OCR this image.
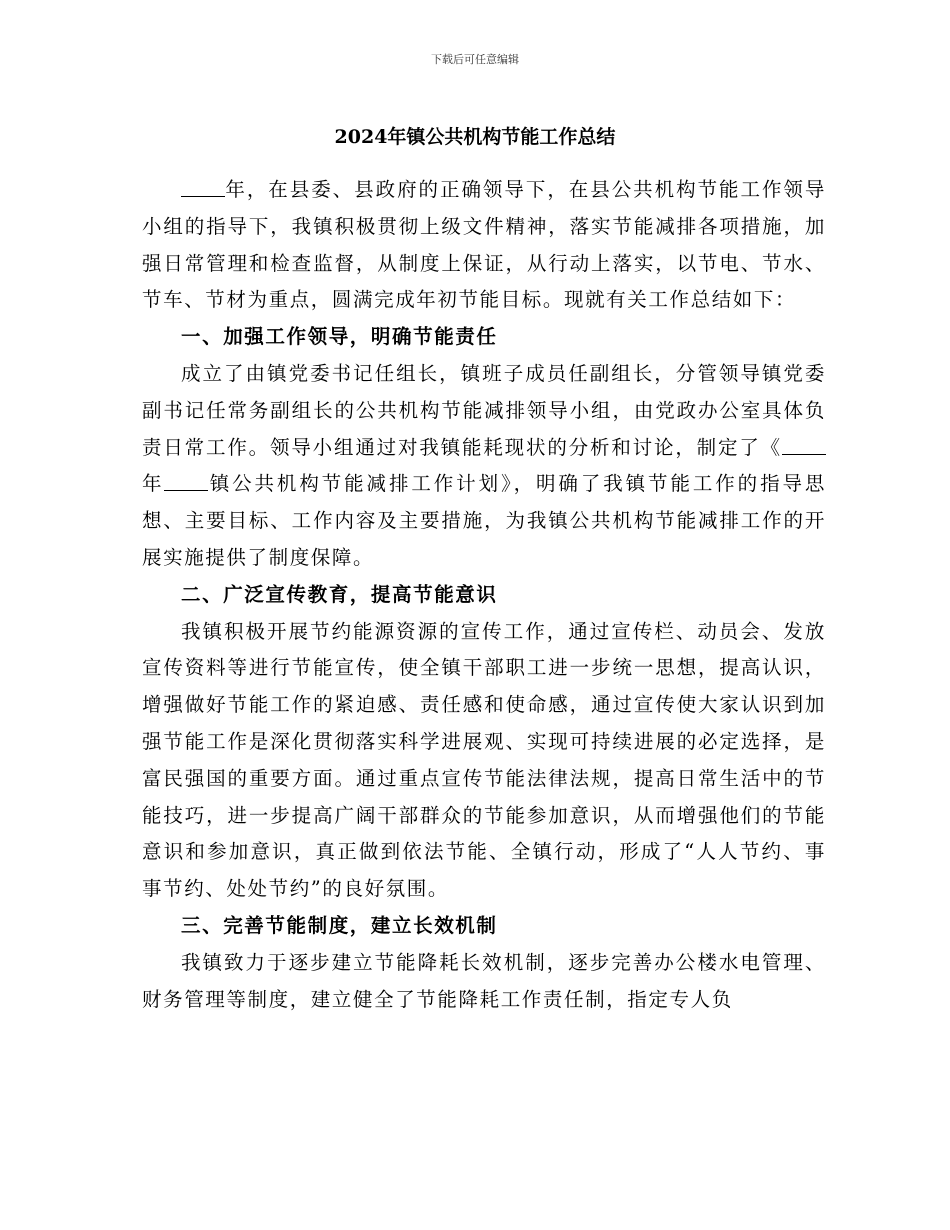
下载后可任意编辑
2024年镇公共机构节能工作总结

年，在县委、县政府的正确领导下，在县公共机构节能工作领导小组的指导下，我镇积极贯彻上级文件精神，落实节能减排各项措施，加强日常管理和检查监督，从制度上保证，从行动上落实，以节电、节水、节车、节材为重点，圆满完成年初节能目标。现就有关工作总结如下：

一、加强工作领导，明确节能责任

成立了由镇党委书记任组长，镇班子成员任副组长，分管领导镇党委副书记任常务副组长的公共机构节能减排领导小组，由党政办公室具体负责日常工作。领导小组通过对我镇能耗现状的分析和讨论，制定了《年 镇公共机构节能减排工作计划》，明确了我镇节能工作的指导思想、主要目标、工作内容及主要措施，为我镇公共机构节能减排工作的开展实施提供了制度保障。

二、广泛宣传教育，提高节能意识

我镇积极开展节约能源资源的宣传工作，通过宣传栏、动员会、发放宣传资料等进行节能宣传，使全镇干部职工进一步统一思想，提高认识，增强做好节能工作的紧迫感、责任感和使命感，通过宣传使大家认识到加强节能工作是深化贯彻落实科学进展观、实现可持续进展的必定选择，是富民强国的重要方面。通过重点宣传节能法律法规，提高日常生活中的节能技巧，进一步提高广阔干部群众的节能参加意识，从而增强他们的节能意识和参加意识，真正做到依法节能、全镇行动，形成了“人人节约、事事节约、处处节约”的良好氛围。

三、完善节能制度，建立长效机制

我镇致力于逐步建立节能降耗长效机制，逐步完善办公楼水电管理、财务管理等制度，建立健全了节能降耗工作责任制，指定专人负
